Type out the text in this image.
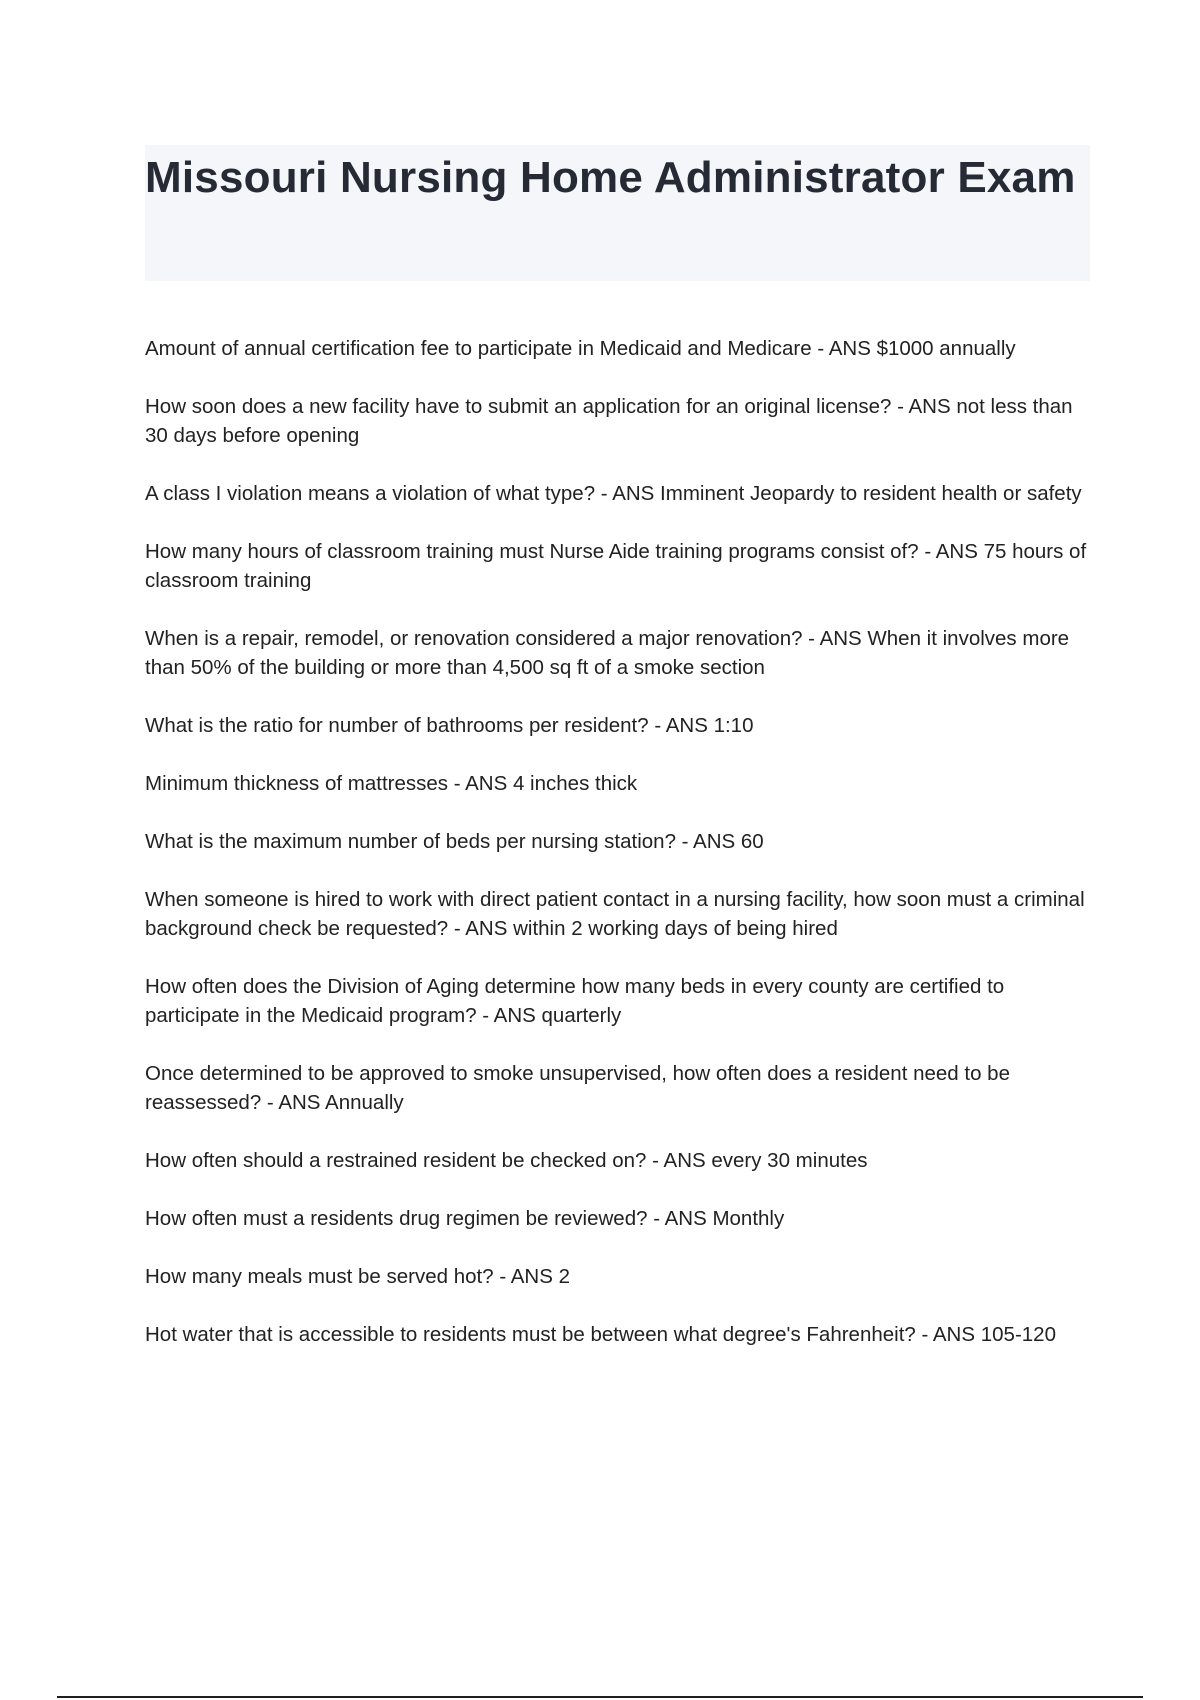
Missouri Nursing Home Administrator Exam
Amount of annual certification fee to participate in Medicaid and Medicare - ANS $1000 annually
How soon does a new facility have to submit an application for an original license? - ANS not less than 30 days before opening
A class I violation means a violation of what type? - ANS Imminent Jeopardy to resident health or safety
How many hours of classroom training must Nurse Aide training programs consist of? - ANS 75 hours of classroom training
When is a repair, remodel, or renovation considered a major renovation? - ANS When it involves more than 50% of the building or more than 4,500 sq ft of a smoke section
What is the ratio for number of bathrooms per resident? - ANS 1:10
Minimum thickness of mattresses - ANS 4 inches thick
What is the maximum number of beds per nursing station? - ANS 60
When someone is hired to work with direct patient contact in a nursing facility, how soon must a criminal background check be requested? - ANS within 2 working days of being hired
How often does the Division of Aging determine how many beds in every county are certified to participate in the Medicaid program? - ANS quarterly
Once determined to be approved to smoke unsupervised, how often does a resident need to be reassessed? - ANS Annually
How often should a restrained resident be checked on? - ANS every 30 minutes
How often must a residents drug regimen be reviewed? - ANS Monthly
How many meals must be served hot? - ANS 2
Hot water that is accessible to residents must be between what degree's Fahrenheit? - ANS 105-120
